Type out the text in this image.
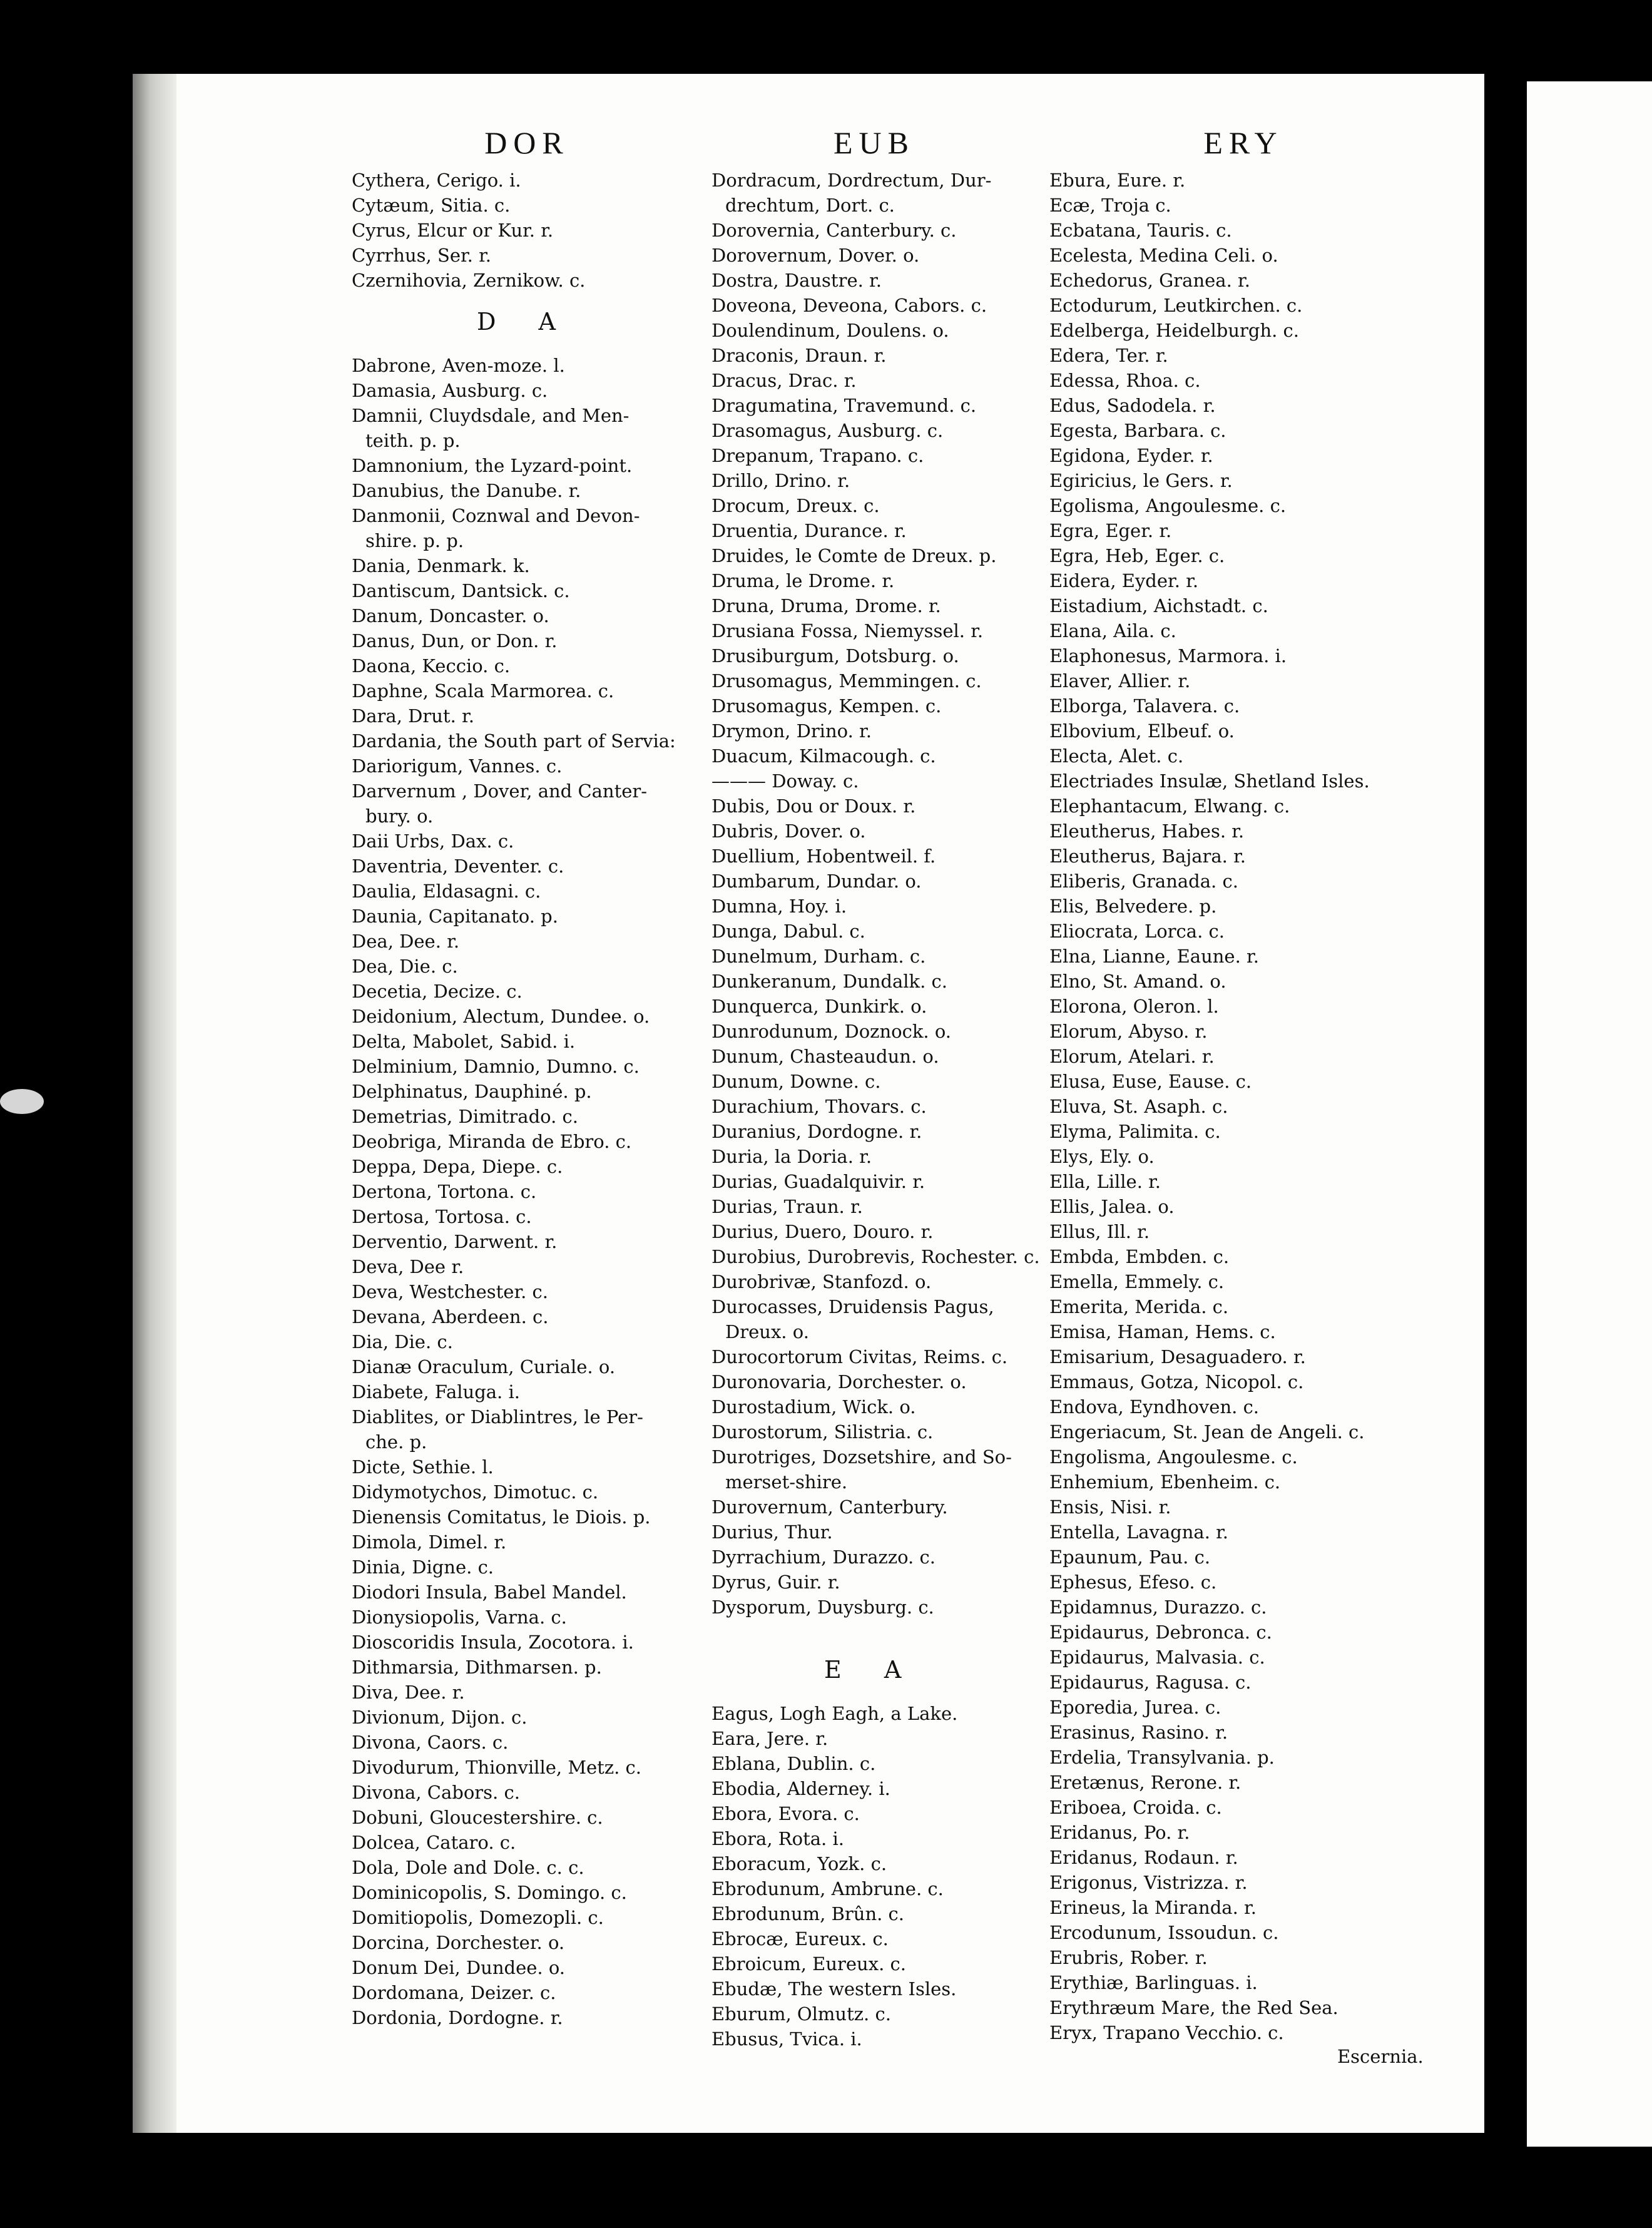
DOR
Cythera, Cerigo. i.
Cytæum, Sitia. c.
Cyrus, Elcur or Kur. r.
Cyrrhus, Ser. r.
Czernihovia, Zernikow. c.
D A
Dabrone, Aven-moze. l.
Damasia, Ausburg. c.
Damnii, Cluydsdale, and Men-
teith. p. p.
Damnonium, the Lyzard-point.
Danubius, the Danube. r.
Danmonii, Coznwal and Devon-
shire. p. p.
Dania, Denmark. k.
Dantiscum, Dantsick. c.
Danum, Doncaster. o.
Danus, Dun, or Don. r.
Daona, Keccio. c.
Daphne, Scala Marmorea. c.
Dara, Drut. r.
Dardania, the South part of Servia:
Dariorigum, Vannes. c.
Darvernum , Dover, and Canter-
bury. o.
Daii Urbs, Dax. c.
Daventria, Deventer. c.
Daulia, Eldasagni. c.
Daunia, Capitanato. p.
Dea, Dee. r.
Dea, Die. c.
Decetia, Decize. c.
Deidonium, Alectum, Dundee. o.
Delta, Mabolet, Sabid. i.
Delminium, Damnio, Dumno. c.
Delphinatus, Dauphiné. p.
Demetrias, Dimitrado. c.
Deobriga, Miranda de Ebro. c.
Deppa, Depa, Diepe. c.
Dertona, Tortona. c.
Dertosa, Tortosa. c.
Derventio, Darwent. r.
Deva, Dee r.
Deva, Westchester. c.
Devana, Aberdeen. c.
Dia, Die. c.
Dianæ Oraculum, Curiale. o.
Diabete, Faluga. i.
Diablites, or Diablintres, le Per-
che. p.
Dicte, Sethie. l.
Didymotychos, Dimotuc. c.
Dienensis Comitatus, le Diois. p.
Dimola, Dimel. r.
Dinia, Digne. c.
Diodori Insula, Babel Mandel.
Dionysiopolis, Varna. c.
Dioscoridis Insula, Zocotora. i.
Dithmarsia, Dithmarsen. p.
Diva, Dee. r.
Divionum, Dijon. c.
Divona, Caors. c.
Divodurum, Thionville, Metz. c.
Divona, Cabors. c.
Dobuni, Gloucestershire. c.
Dolcea, Cataro. c.
Dola, Dole and Dole. c. c.
Dominicopolis, S. Domingo. c.
Domitiopolis, Domezopli. c.
Dorcina, Dorchester. o.
Donum Dei, Dundee. o.
Dordomana, Deizer. c.
Dordonia, Dordogne. r.
EUB
Dordracum, Dordrectum, Dur-
drechtum, Dort. c.
Dorovernia, Canterbury. c.
Dorovernum, Dover. o.
Dostra, Daustre. r.
Doveona, Deveona, Cabors. c.
Doulendinum, Doulens. o.
Draconis, Draun. r.
Dracus, Drac. r.
Dragumatina, Travemund. c.
Drasomagus, Ausburg. c.
Drepanum, Trapano. c.
Drillo, Drino. r.
Drocum, Dreux. c.
Druentia, Durance. r.
Druides, le Comte de Dreux. p.
Druma, le Drome. r.
Druna, Druma, Drome. r.
Drusiana Fossa, Niemyssel. r.
Drusiburgum, Dotsburg. o.
Drusomagus, Memmingen. c.
Drusomagus, Kempen. c.
Drymon, Drino. r.
Duacum, Kilmacough. c.
——— Doway. c.
Dubis, Dou or Doux. r.
Dubris, Dover. o.
Duellium, Hobentweil. f.
Dumbarum, Dundar. o.
Dumna, Hoy. i.
Dunga, Dabul. c.
Dunelmum, Durham. c.
Dunkeranum, Dundalk. c.
Dunquerca, Dunkirk. o.
Dunrodunum, Doznock. o.
Dunum, Chasteaudun. o.
Dunum, Downe. c.
Durachium, Thovars. c.
Duranius, Dordogne. r.
Duria, la Doria. r.
Durias, Guadalquivir. r.
Durias, Traun. r.
Durius, Duero, Douro. r.
Durobius, Durobrevis, Rochester. c.
Durobrivæ, Stanfozd. o.
Durocasses, Druidensis Pagus,
Dreux. o.
Durocortorum Civitas, Reims. c.
Duronovaria, Dorchester. o.
Durostadium, Wick. o.
Durostorum, Silistria. c.
Durotriges, Dozsetshire, and So-
merset-shire.
Durovernum, Canterbury.
Durius, Thur.
Dyrrachium, Durazzo. c.
Dyrus, Guir. r.
Dysporum, Duysburg. c.
E A
Eagus, Logh Eagh, a Lake.
Eara, Jere. r.
Eblana, Dublin. c.
Ebodia, Alderney. i.
Ebora, Evora. c.
Ebora, Rota. i.
Eboracum, Yozk. c.
Ebrodunum, Ambrune. c.
Ebrodunum, Brûn. c.
Ebrocæ, Eureux. c.
Ebroicum, Eureux. c.
Ebudæ, The western Isles.
Eburum, Olmutz. c.
Ebusus, Tvica. i.
ERY
Ebura, Eure. r.
Ecæ, Troja c.
Ecbatana, Tauris. c.
Ecelesta, Medina Celi. o.
Echedorus, Granea. r.
Ectodurum, Leutkirchen. c.
Edelberga, Heidelburgh. c.
Edera, Ter. r.
Edessa, Rhoa. c.
Edus, Sadodela. r.
Egesta, Barbara. c.
Egidona, Eyder. r.
Egiricius, le Gers. r.
Egolisma, Angoulesme. c.
Egra, Eger. r.
Egra, Heb, Eger. c.
Eidera, Eyder. r.
Eistadium, Aichstadt. c.
Elana, Aila. c.
Elaphonesus, Marmora. i.
Elaver, Allier. r.
Elborga, Talavera. c.
Elbovium, Elbeuf. o.
Electa, Alet. c.
Electriades Insulæ, Shetland Isles.
Elephantacum, Elwang. c.
Eleutherus, Habes. r.
Eleutherus, Bajara. r.
Eliberis, Granada. c.
Elis, Belvedere. p.
Eliocrata, Lorca. c.
Elna, Lianne, Eaune. r.
Elno, St. Amand. o.
Elorona, Oleron. l.
Elorum, Abyso. r.
Elorum, Atelari. r.
Elusa, Euse, Eause. c.
Eluva, St. Asaph. c.
Elyma, Palimita. c.
Elys, Ely. o.
Ella, Lille. r.
Ellis, Jalea. o.
Ellus, Ill. r.
Embda, Embden. c.
Emella, Emmely. c.
Emerita, Merida. c.
Emisa, Haman, Hems. c.
Emisarium, Desaguadero. r.
Emmaus, Gotza, Nicopol. c.
Endova, Eyndhoven. c.
Engeriacum, St. Jean de Angeli. c.
Engolisma, Angoulesme. c.
Enhemium, Ebenheim. c.
Ensis, Nisi. r.
Entella, Lavagna. r.
Epaunum, Pau. c.
Ephesus, Efeso. c.
Epidamnus, Durazzo. c.
Epidaurus, Debronca. c.
Epidaurus, Malvasia. c.
Epidaurus, Ragusa. c.
Eporedia, Jurea. c.
Erasinus, Rasino. r.
Erdelia, Transylvania. p.
Eretænus, Rerone. r.
Eriboea, Croida. c.
Eridanus, Po. r.
Eridanus, Rodaun. r.
Erigonus, Vistrizza. r.
Erineus, la Miranda. r.
Ercodunum, Issoudun. c.
Erubris, Rober. r.
Erythiæ, Barlinguas. i.
Erythræum Mare, the Red Sea.
Eryx, Trapano Vecchio. c.
Escernia.
